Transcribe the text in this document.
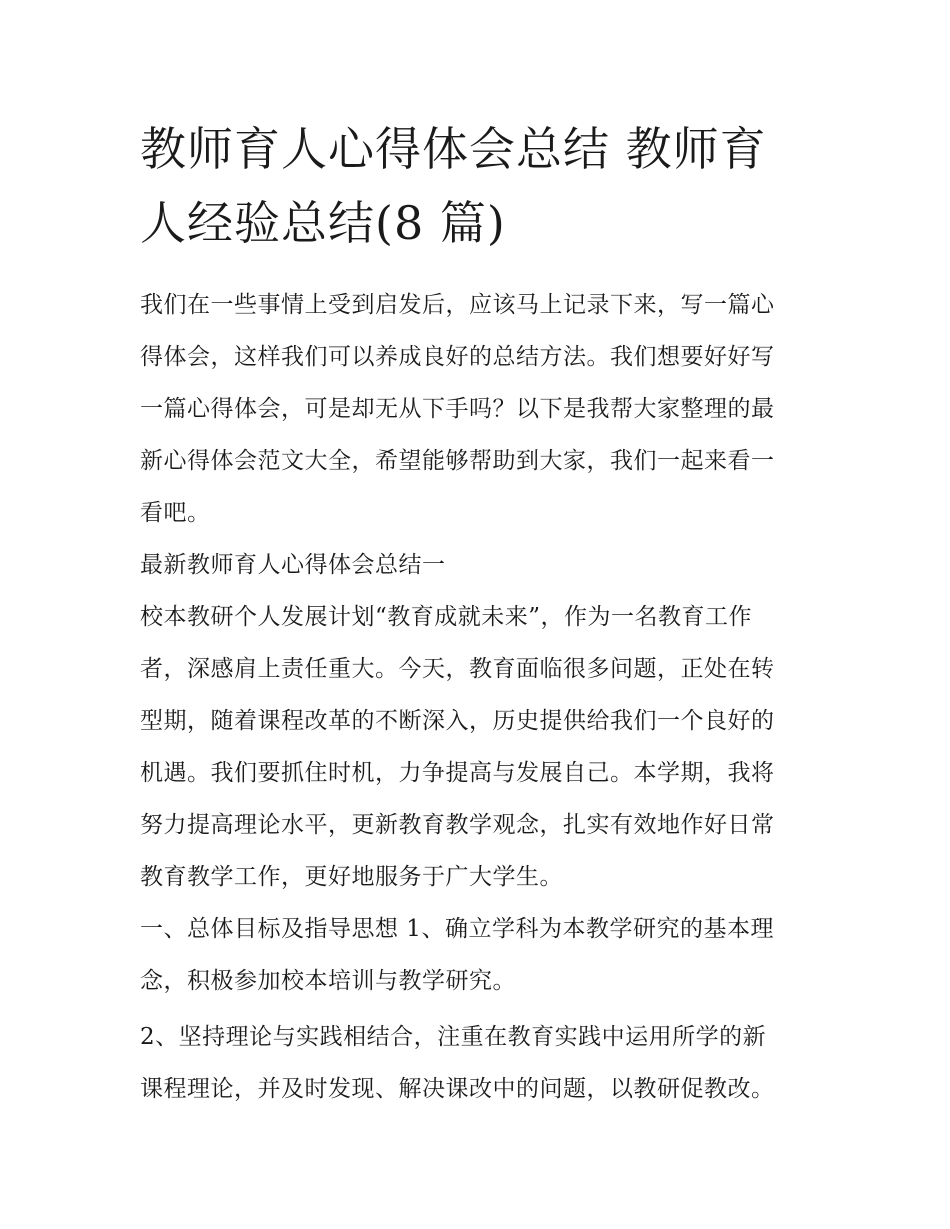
教师育人心得体会总结 教师育
人经验总结(8 篇)

我们在一些事情上受到启发后，应该马上记录下来，写一篇心
得体会，这样我们可以养成良好的总结方法。我们想要好好写
一篇心得体会，可是却无从下手吗？以下是我帮大家整理的最
新心得体会范文大全，希望能够帮助到大家，我们一起来看一
看吧。

最新教师育人心得体会总结一

校本教研个人发展计划“教育成就未来”，作为一名教育工作
者，深感肩上责任重大。今天，教育面临很多问题，正处在转
型期，随着课程改革的不断深入，历史提供给我们一个良好的
机遇。我们要抓住时机，力争提高与发展自己。本学期，我将
努力提高理论水平，更新教育教学观念，扎实有效地作好日常
教育教学工作，更好地服务于广大学生。

一、总体目标及指导思想 1、确立学科为本教学研究的基本理
念，积极参加校本培训与教学研究。

2、坚持理论与实践相结合，注重在教育实践中运用所学的新
课程理论，并及时发现、解决课改中的问题，以教研促教改。
